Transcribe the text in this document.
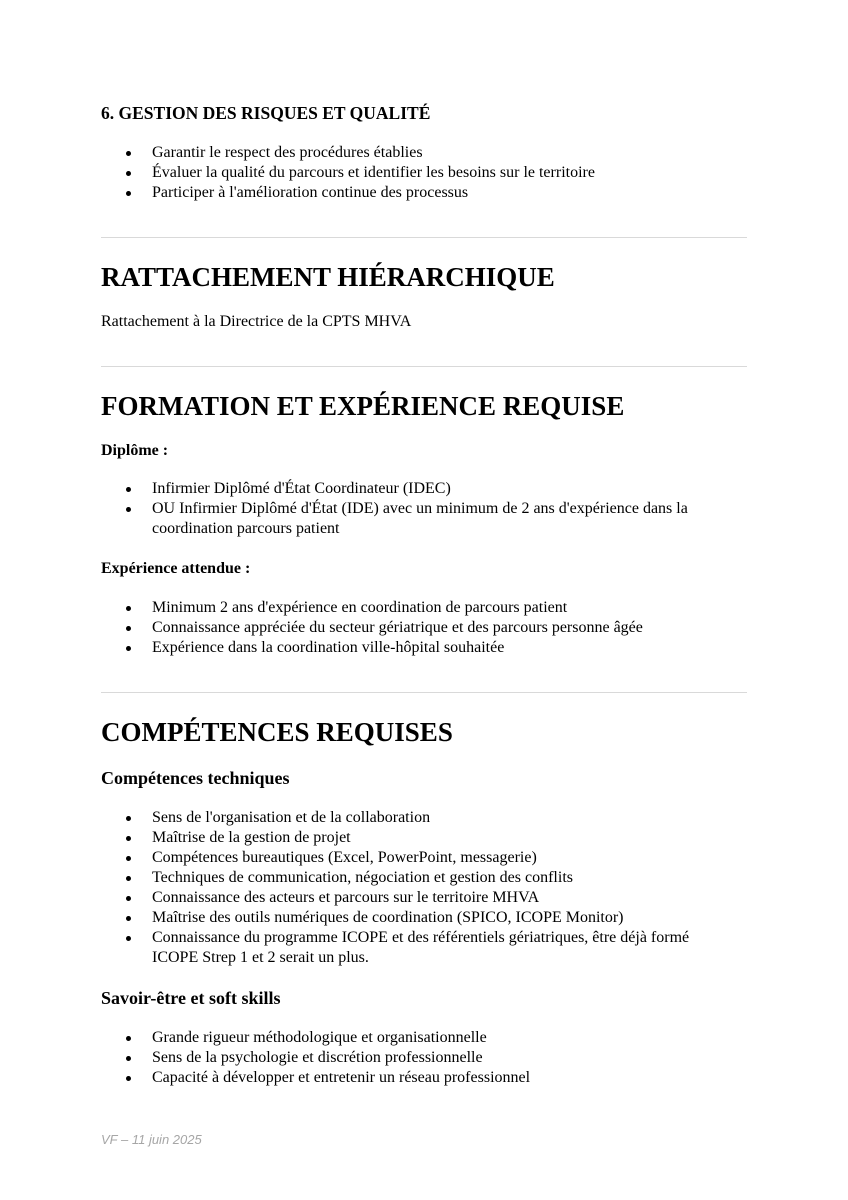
6. GESTION DES RISQUES ET QUALITÉ
Garantir le respect des procédures établies
Évaluer la qualité du parcours et identifier les besoins sur le territoire
Participer à l'amélioration continue des processus
RATTACHEMENT HIÉRARCHIQUE
Rattachement à la Directrice de la CPTS MHVA
FORMATION ET EXPÉRIENCE REQUISE
Diplôme :
Infirmier Diplômé d'État Coordinateur (IDEC)
OU Infirmier Diplômé d'État (IDE) avec un minimum de 2 ans d'expérience dans la
coordination parcours patient
Expérience attendue :
Minimum 2 ans d'expérience en coordination de parcours patient
Connaissance appréciée du secteur gériatrique et des parcours personne âgée
Expérience dans la coordination ville-hôpital souhaitée
COMPÉTENCES REQUISES
Compétences techniques
Sens de l'organisation et de la collaboration
Maîtrise de la gestion de projet
Compétences bureautiques (Excel, PowerPoint, messagerie)
Techniques de communication, négociation et gestion des conflits
Connaissance des acteurs et parcours sur le territoire MHVA
Maîtrise des outils numériques de coordination (SPICO, ICOPE Monitor)
Connaissance du programme ICOPE et des référentiels gériatriques, être déjà formé
ICOPE Strep 1 et 2 serait un plus.
Savoir-être et soft skills
Grande rigueur méthodologique et organisationnelle
Sens de la psychologie et discrétion professionnelle
Capacité à développer et entretenir un réseau professionnel
VF – 11 juin 2025
